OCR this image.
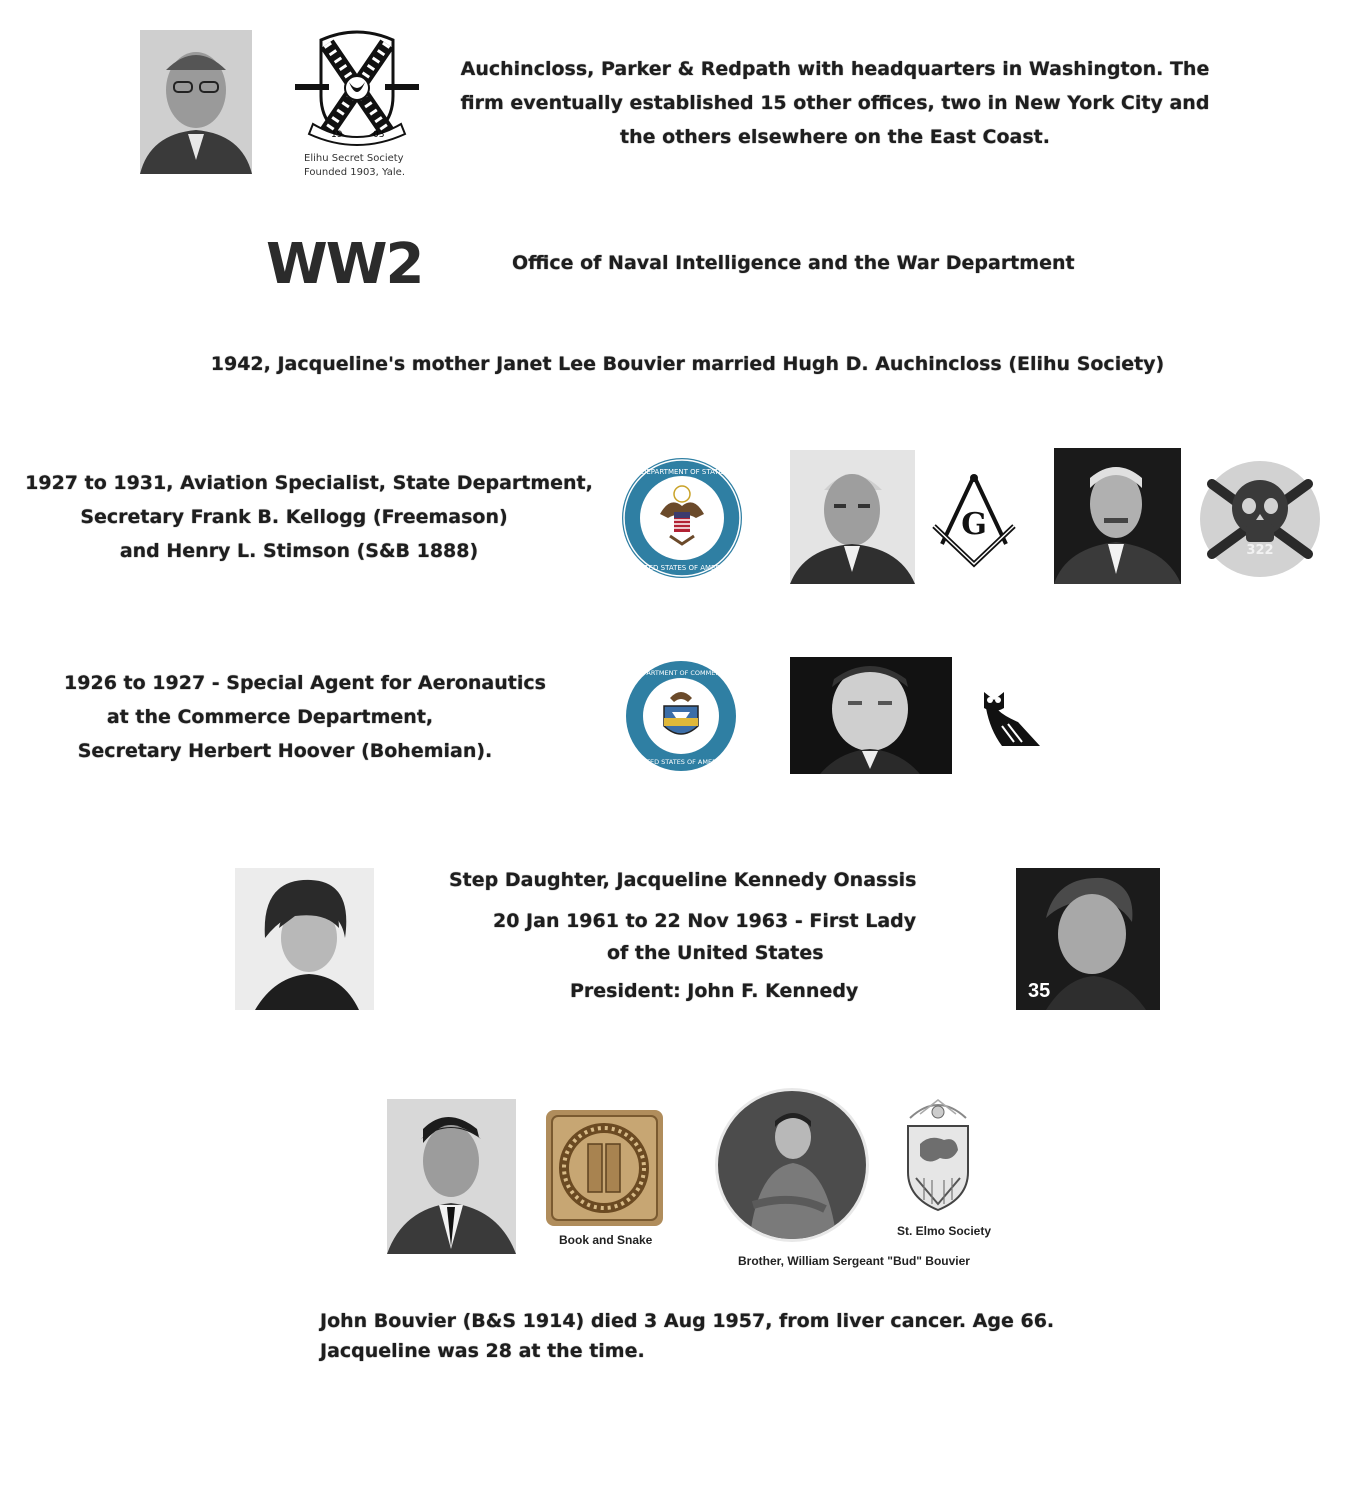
19	03
Elihu Secret Society
Founded 1903, Yale.
Auchincloss, Parker & Redpath with headquarters in Washington. The
firm eventually established 15 other offices, two in New York City and
the others elsewhere on the East Coast.
WW2	Office of Naval Intelligence and the War Department
1942, Jacqueline's mother Janet Lee Bouvier married Hugh D. Auchincloss (Elihu Society)
1927 to 1931, Aviation Specialist, State Department,
Secretary Frank B. Kellogg (Freemason)
and Henry L. Stimson (S&B 1888)
DEPARTMENT OF STATE
UNITED STATES OF AMERICA
G
322
1926 to 1927 - Special Agent for Aeronautics
at the Commerce Department,
Secretary Herbert Hoover (Bohemian).
DEPARTMENT OF COMMERCE
UNITED STATES OF AMERICA
Step Daughter, Jacqueline Kennedy Onassis
20 Jan 1961 to 22 Nov 1963 - First Lady
of the United States
President: John F. Kennedy	35
Book and Snake
St. Elmo Society
Brother, William Sergeant "Bud" Bouvier
John Bouvier (B&S 1914) died 3 Aug 1957, from liver cancer. Age 66.
Jacqueline was 28 at the time.
